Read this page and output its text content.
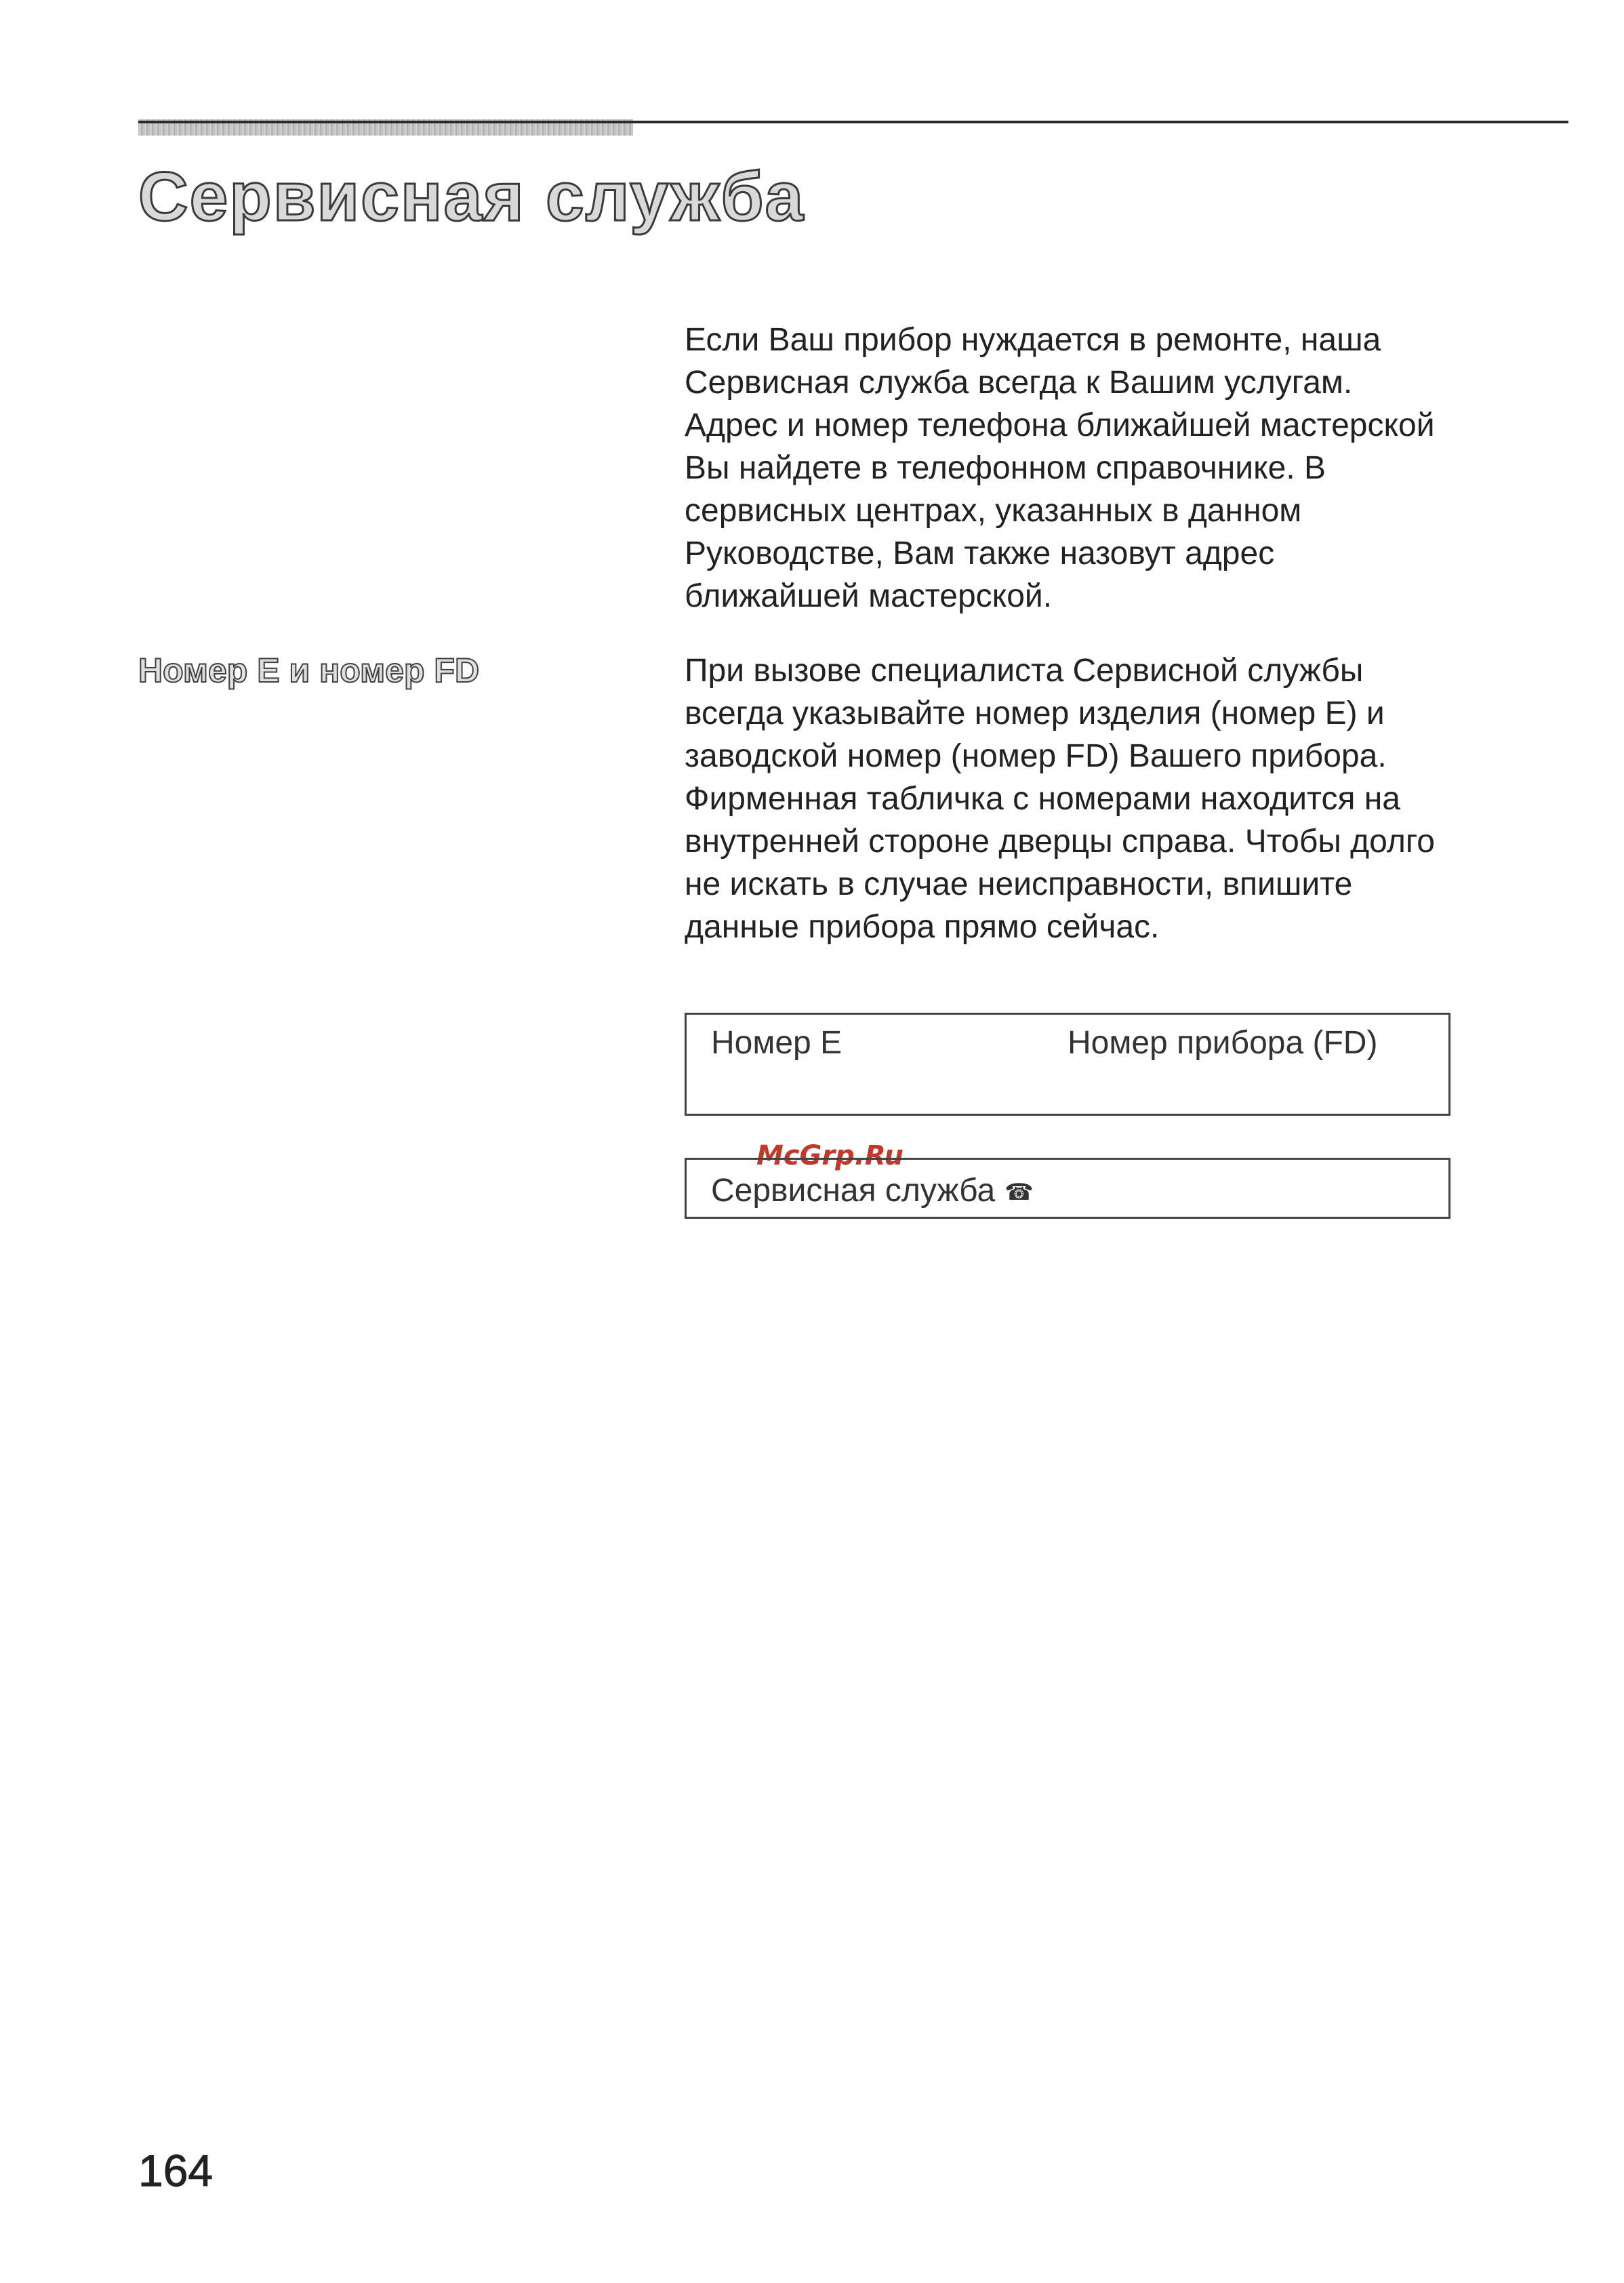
Сервисная служба

Если Ваш прибор нуждается в ремонте, наша
Сервисная служба всегда к Вашим услугам.
Адрес и номер телефона ближайшей мастерской
Вы найдете в телефонном справочнике. В
сервисных центрах, указанных в данном
Руководстве, Вам также назовут адрес
ближайшей мастерской.

Номер E и номер FD	При вызове специалиста Сервисной службы
всегда указывайте номер изделия (номер E) и
заводской номер (номер FD) Вашего прибора.
Фирменная табличка с номерами находится на
внутренней стороне дверцы справа. Чтобы долго
не искать в случае неисправности, впишите
данные прибора прямо сейчас.

Номер E	Номер прибора (FD)
McGrp.Ru
Сервисная служба ☎
164
